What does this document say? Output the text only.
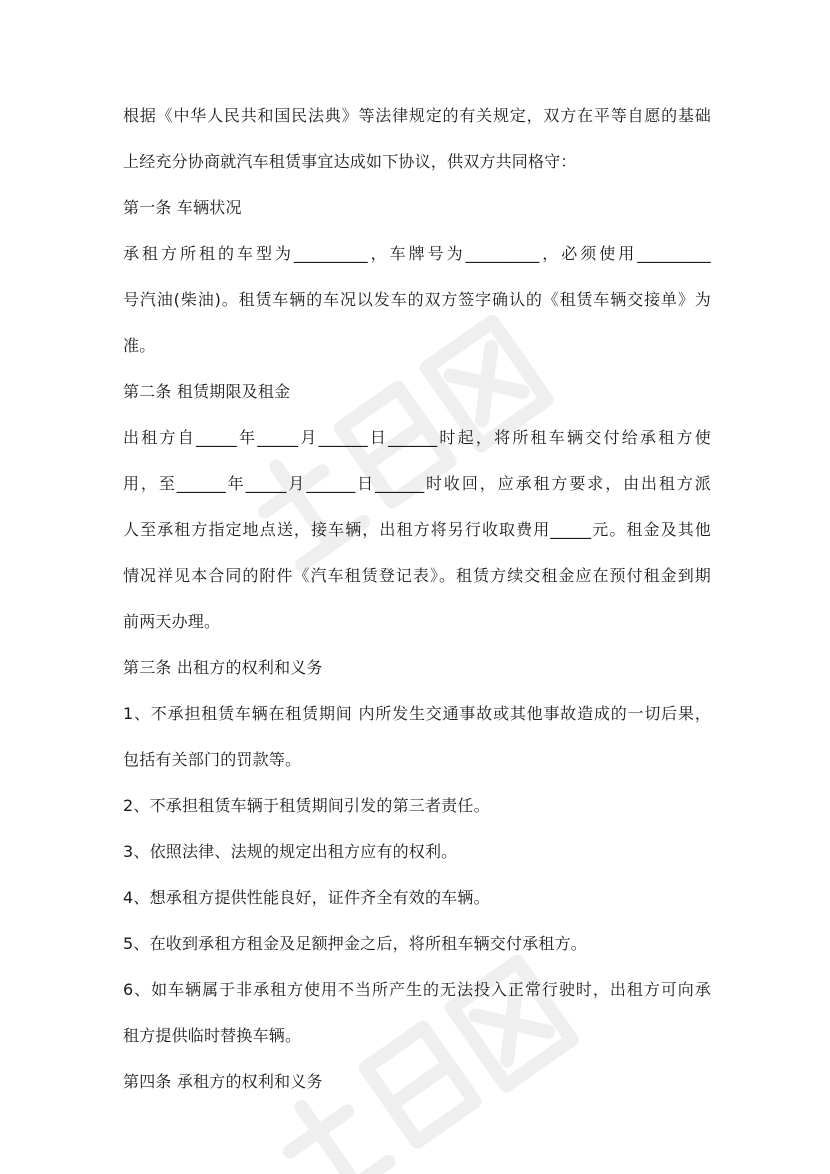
根据《中华人民共和国民法典》等法律规定的有关规定，双方在平等自愿的基础
上经充分协商就汽车租赁事宜达成如下协议，供双方共同格守：
第一条 车辆状况
承租方所租的车型为_________，车牌号为_________，必须使用_________
号汽油(柴油)。租赁车辆的车况以发车的双方签字确认的《租赁车辆交接单》为
准。
第二条 租赁期限及租金
出租方自_____年_____月______日______时起，将所租车辆交付给承租方使
用，至______年_____月______日______时收回，应承租方要求，由出租方派
人至承租方指定地点送，接车辆，出租方将另行收取费用_____元。租金及其他
情况祥见本合同的附件《汽车租赁登记表》。租赁方续交租金应在预付租金到期
前两天办理。
第三条 出租方的权利和义务
1、不承担租赁车辆在租赁期间 内所发生交通事故或其他事故造成的一切后果，
包括有关部门的罚款等。
2、不承担租赁车辆于租赁期间引发的第三者责任。
3、依照法律、法规的规定出租方应有的权利。
4、想承租方提供性能良好，证件齐全有效的车辆。
5、在收到承租方租金及足额押金之后，将所租车辆交付承租方。
6、如车辆属于非承租方使用不当所产生的无法投入正常行驶时，出租方可向承
租方提供临时替换车辆。
第四条 承租方的权利和义务
